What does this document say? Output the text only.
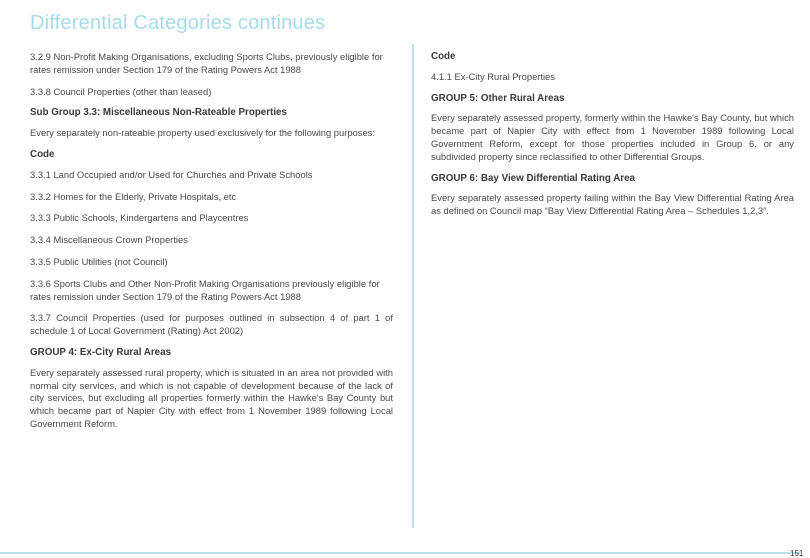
Differential Categories continues

3.2.9 Non-Profit Making Organisations, excluding Sports Clubs, previously eligible for rates remission under Section 179 of the Rating Powers Act 1988

3.3.8 Council Properties (other than leased)

Sub Group 3.3: Miscellaneous Non-Rateable Properties

Every separately non-rateable property used exclusively for the following purposes:

Code

3.3.1 Land Occupied and/or Used for Churches and Private Schools

3.3.2 Homes for the Elderly, Private Hospitals, etc

3.3.3 Public Schools, Kindergartens and Playcentres

3.3.4 Miscellaneous Crown Properties

3.3.5 Public Utilities (not Council)

3.3.6 Sports Clubs and Other Non-Profit Making Organisations previously eligible for rates remission under Section 179 of the Rating Powers Act 1988

3.3.7 Council Properties (used for purposes outlined in subsection 4 of part 1 of schedule 1 of Local Government (Rating) Act 2002)

GROUP 4: Ex-City Rural Areas

Every separately assessed rural property, which is situated in an area not provided with normal city services, and which is not capable of development because of the lack of city services, but excluding all properties formerly within the Hawke's Bay County but which became part of Napier City with effect from 1 November 1989 following Local Government Reform.

Code

4.1.1 Ex-City Rural Properties

GROUP 5: Other Rural Areas

Every separately assessed property, formerly within the Hawke's Bay County, but which became part of Napier City with effect from 1 November 1989 following Local Government Reform, except for those properties included in Group 6, or any subdivided property since reclassified to other Differential Groups.

GROUP 6: Bay View Differential Rating Area

Every separately assessed property failing within the Bay View Differential Rating Area as defined on Council map “Bay View Differential Rating Area – Schedules 1,2,3”.

151
